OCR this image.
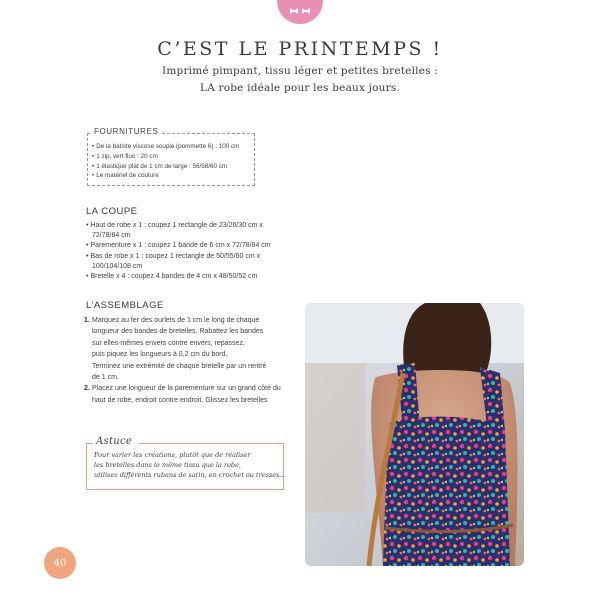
C’EST LE PRINTEMPS !

Imprimé pimpant, tissu léger et petites bretelles :

LA robe idéale pour les beaux jours.

FOURNITURES
• De la batiste viscose souple (pommette 6) : 100 cm
• 1 zip, vert fluo : 20 cm
• 1 élastique plat de 1 cm de large : 56/58/60 cm
• Le matériel de couture
LA COUPE
• Haut de robe x 1 : coupez 1 rectangle de 23/26/30 cm x
72/78/84 cm
• Parementure x 1 : coupez 1 bande de 6 cm x 72/78/84 cm
• Bas de robe x 1 : coupez 1 rectangle de 50/55/60 cm x
100/104/108 cm
• Bretelle x 4 : coupez 4 bandes de 4 cm x 48/50/52 cm
L’ASSEMBLAGE
1. Marquez au fer des ourlets de 1 cm le long de chaque
longueur des bandes de bretelles. Rabattez les bandes
sur elles-mêmes envers contre envers, repassez,
puis piquez les longueurs à 0,2 cm du bord.
Terminez une extrémité de chaque bretelle par un rentré
de 1 cm.
2. Placez une longueur de la parementure sur un grand côté du
haut de robe, endroit contre endroit. Glissez les bretelles
Astuce
Pour varier les créations, plutôt que de réaliser
les bretelles dans le même tissu que la robe,
utilisez différents rubans de satin, en crochet ou tressés…
40
